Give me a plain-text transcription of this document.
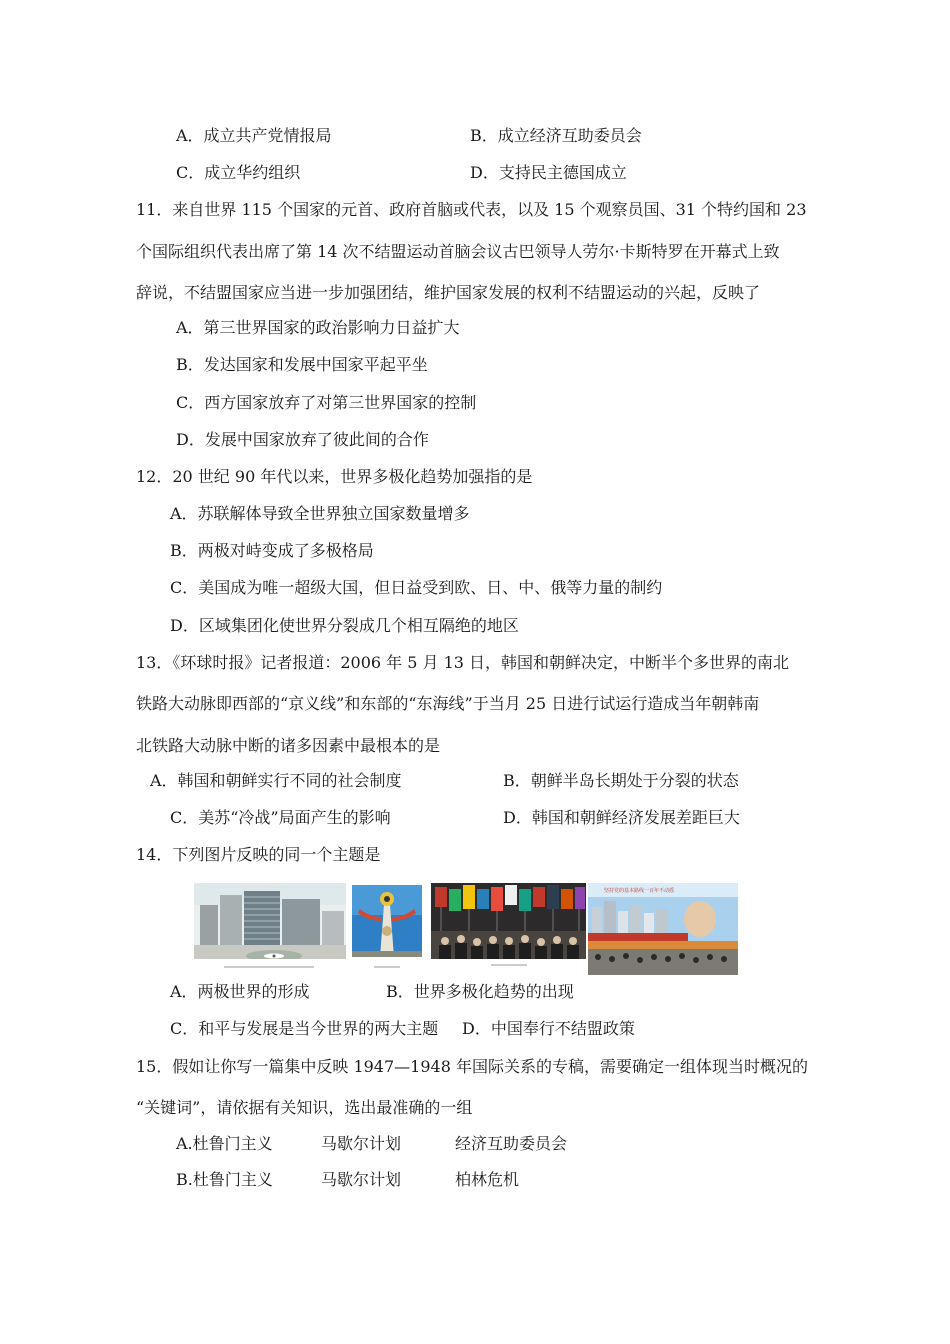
A．成立共产党情报局	B．成立经济互助委员会
C．成立华约组织	D．支持民主德国成立
11．来自世界 115 个国家的元首、政府首脑或代表，以及 15 个观察员国、31 个特约国和 23
个国际组织代表出席了第 14 次不结盟运动首脑会议古巴领导人劳尔·卡斯特罗在开幕式上致
辞说，不结盟国家应当进一步加强团结，维护国家发展的权利不结盟运动的兴起，反映了
A．第三世界国家的政治影响力日益扩大
B．发达国家和发展中国家平起平坐
C．西方国家放弃了对第三世界国家的控制
D．发展中国家放弃了彼此间的合作
12．20 世纪 90 年代以来，世界多极化趋势加强指的是
A．苏联解体导致全世界独立国家数量增多
B．两极对峙变成了多极格局
C．美国成为唯一超级大国，但日益受到欧、日、中、俄等力量的制约
D．区域集团化使世界分裂成几个相互隔绝的地区
13．《环球时报》记者报道：2006 年 5 月 13 日，韩国和朝鲜决定，中断半个多世界的南北
铁路大动脉即西部的“京义线”和东部的“东海线”于当月 25 日进行试运行造成当年朝韩南
北铁路大动脉中断的诸多因素中最根本的是
A．韩国和朝鲜实行不同的社会制度	B．朝鲜半岛长期处于分裂的状态
C．美苏“冷战”局面产生的影响	D．韩国和朝鲜经济发展差距巨大
14．下列图片反映的同一个主题是
坚持党的基本路线一百年不动摇
A．两极世界的形成	B．世界多极化趋势的出现
C．和平与发展是当今世界的两大主题 D．中国奉行不结盟政策
15．假如让你写一篇集中反映 1947—1948 年国际关系的专稿，需要确定一组体现当时概况的
“关键词”，请依据有关知识，选出最准确的一组
A.杜鲁门主义	马歇尔计划	经济互助委员会
B.杜鲁门主义	马歇尔计划	柏林危机
